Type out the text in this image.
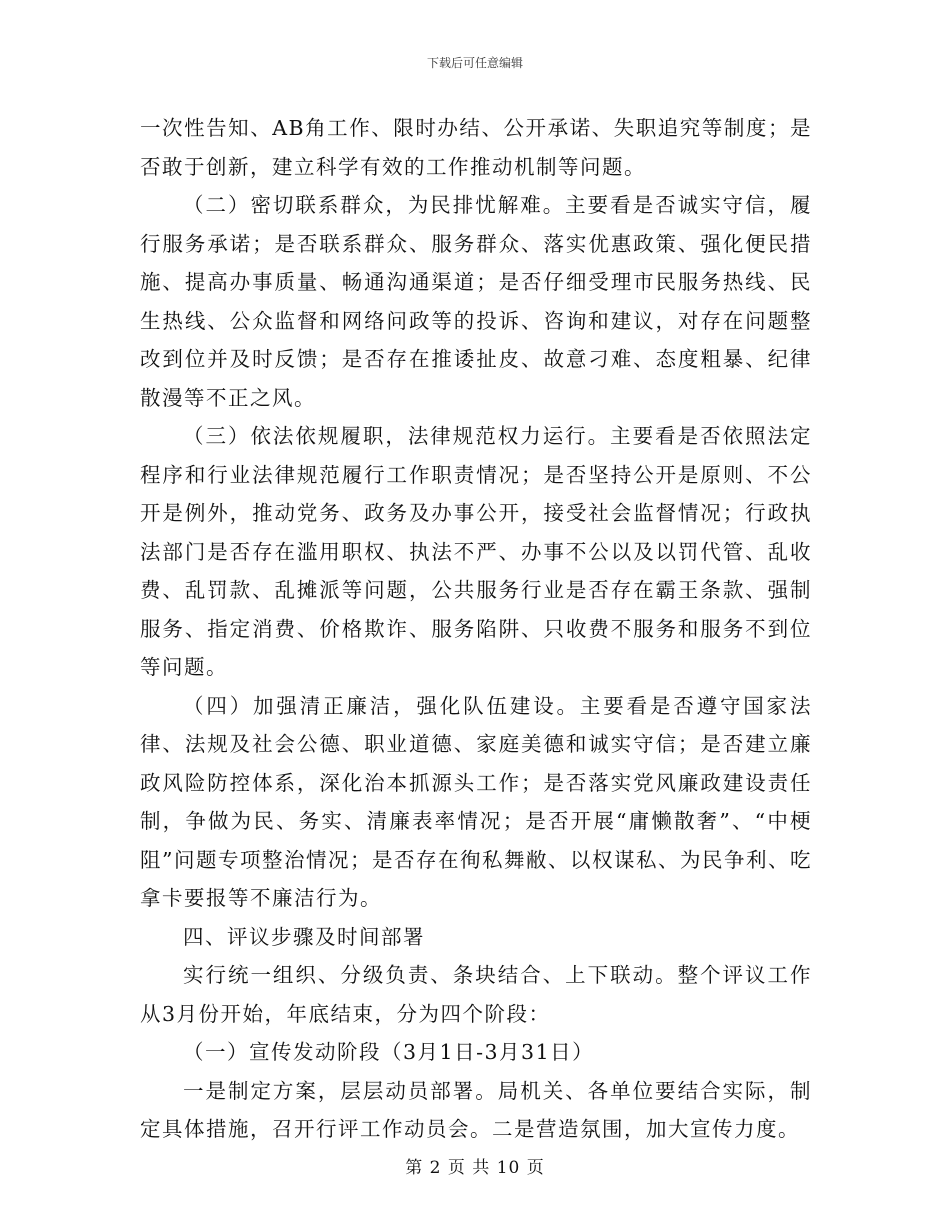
下载后可任意编辑

一次性告知、AB角工作、限时办结、公开承诺、失职追究等制度；是否敢于创新，建立科学有效的工作推动机制等问题。

（二）密切联系群众，为民排忧解难。主要看是否诚实守信，履行服务承诺；是否联系群众、服务群众、落实优惠政策、强化便民措施、提高办事质量、畅通沟通渠道；是否仔细受理市民服务热线、民生热线、公众监督和网络问政等的投诉、咨询和建议，对存在问题整改到位并及时反馈；是否存在推诿扯皮、故意刁难、态度粗暴、纪律散漫等不正之风。

（三）依法依规履职，法律规范权力运行。主要看是否依照法定程序和行业法律规范履行工作职责情况；是否坚持公开是原则、不公开是例外，推动党务、政务及办事公开，接受社会监督情况；行政执法部门是否存在滥用职权、执法不严、办事不公以及以罚代管、乱收费、乱罚款、乱摊派等问题，公共服务行业是否存在霸王条款、强制服务、指定消费、价格欺诈、服务陷阱、只收费不服务和服务不到位等问题。

（四）加强清正廉洁，强化队伍建设。主要看是否遵守国家法律、法规及社会公德、职业道德、家庭美德和诚实守信；是否建立廉政风险防控体系，深化治本抓源头工作；是否落实党风廉政建设责任制，争做为民、务实、清廉表率情况；是否开展“庸懒散奢”、“中梗阻”问题专项整治情况；是否存在徇私舞敝、以权谋私、为民争利、吃拿卡要报等不廉洁行为。

四、评议步骤及时间部署

实行统一组织、分级负责、条块结合、上下联动。整个评议工作从3月份开始，年底结束，分为四个阶段：

（一）宣传发动阶段（3月1日-3月31日）

一是制定方案，层层动员部署。局机关、各单位要结合实际，制定具体措施，召开行评工作动员会。二是营造氛围，加大宣传力度。

第 2 页 共 10 页
